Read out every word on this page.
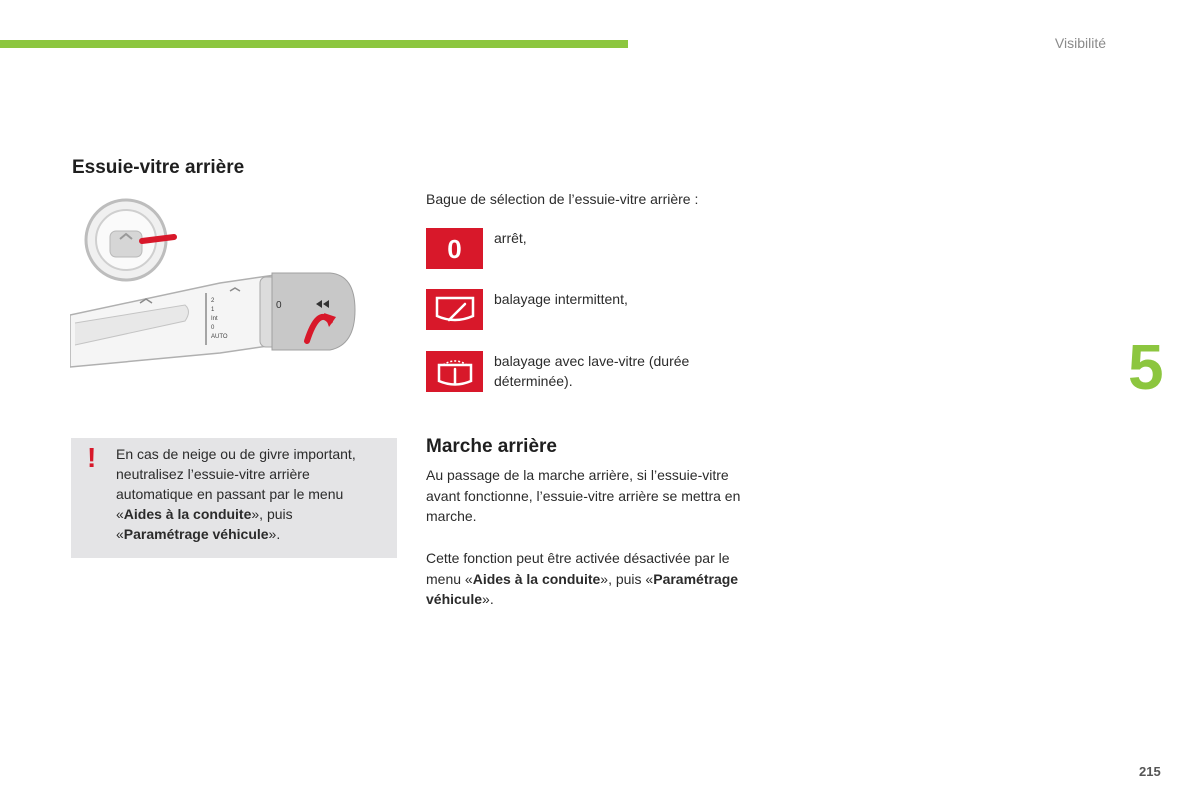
Visibilité
5
215
Essuie-vitre arrière
2
1
Int
0
AUTO
0
Bague de sélection de l’essuie-vitre arrière :
0 arrêt,
balayage intermittent,
balayage avec lave-vitre (durée déterminée).
! En cas de neige ou de givre important, neutralisez l’essuie-vitre arrière automatique en passant par le menu «Aides à la conduite», puis «Paramétrage véhicule».
Marche arrière
Au passage de la marche arrière, si l’essuie-vitre avant fonctionne, l’essuie-vitre arrière se mettra en marche.
Cette fonction peut être activée désactivée par le menu «Aides à la conduite», puis «Paramétrage véhicule».
